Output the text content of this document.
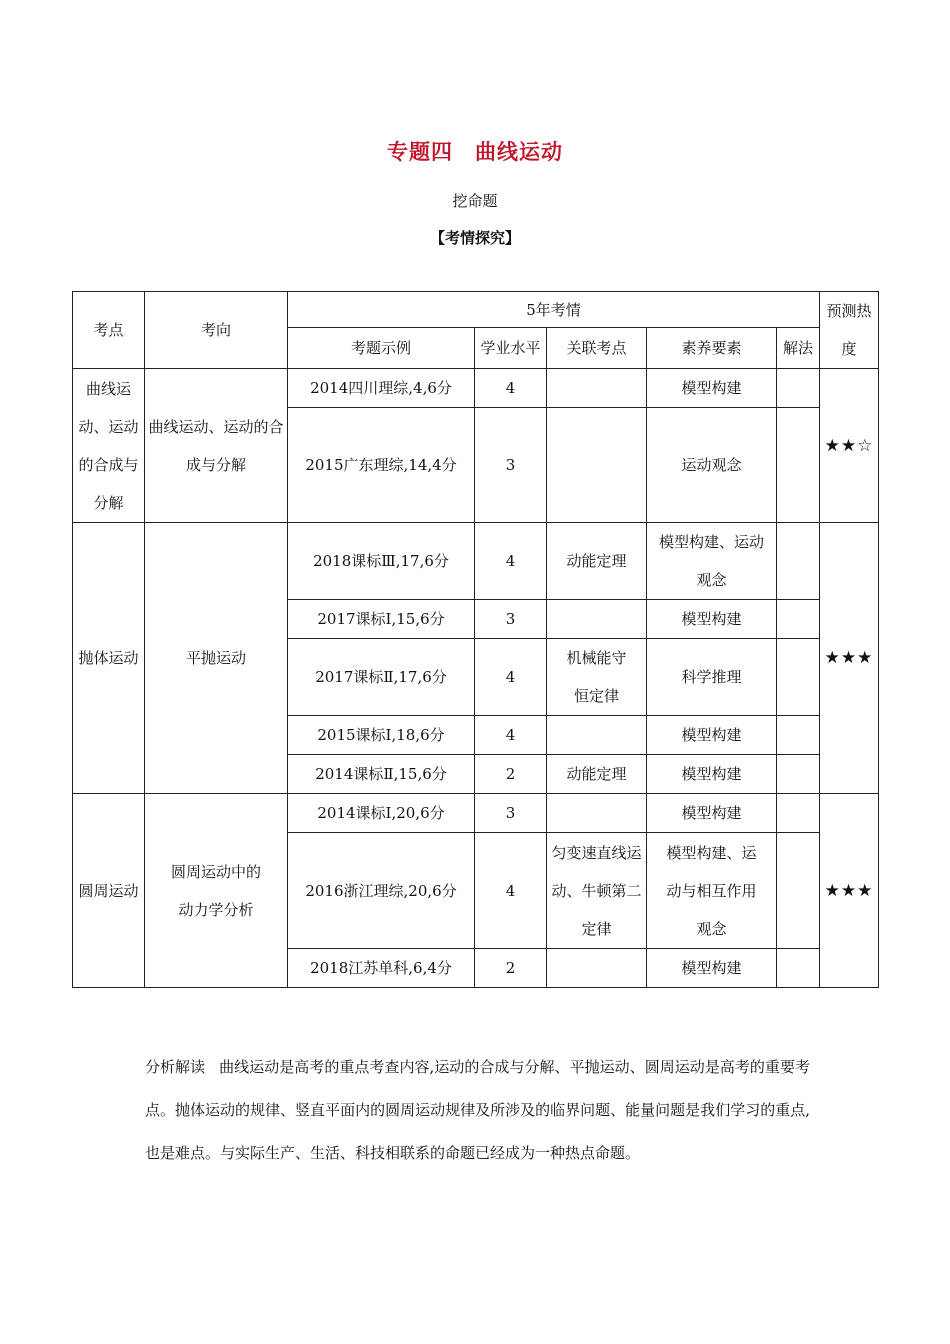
专题四 曲线运动
挖命题
【考情探究】
考点	考向	5年考情					预测热度
		考题示例	学业水平	关联考点	素养要素	解法	
曲线运动、运动的合成与分解	曲线运动、运动的合成与分解	2014四川理综,4,6分	4		模型构建		★★☆
		2015广东理综,14,4分	3		运动观念		
抛体运动	平抛运动	2018课标Ⅲ,17,6分	4	动能定理	模型构建、运动观念		★★★
		2017课标Ⅰ,15,6分	3		模型构建		
		2017课标Ⅱ,17,6分	4	机械能守恒定律	科学推理		
		2015课标Ⅰ,18,6分	4		模型构建		
		2014课标Ⅱ,15,6分	2	动能定理	模型构建		
圆周运动	圆周运动中的动力学分析	2014课标Ⅰ,20,6分	3		模型构建		★★★
		2016浙江理综,20,6分	4	匀变速直线运动、牛顿第二定律	模型构建、运动与相互作用观念		
		2018江苏单科,6,4分	2		模型构建		
分析解读 曲线运动是高考的重点考查内容,运动的合成与分解、平抛运动、圆周运动是高考的重要考点。抛体运动的规律、竖直平面内的圆周运动规律及所涉及的临界问题、能量问题是我们学习的重点,也是难点。与实际生产、生活、科技相联系的命题已经成为一种热点命题。
